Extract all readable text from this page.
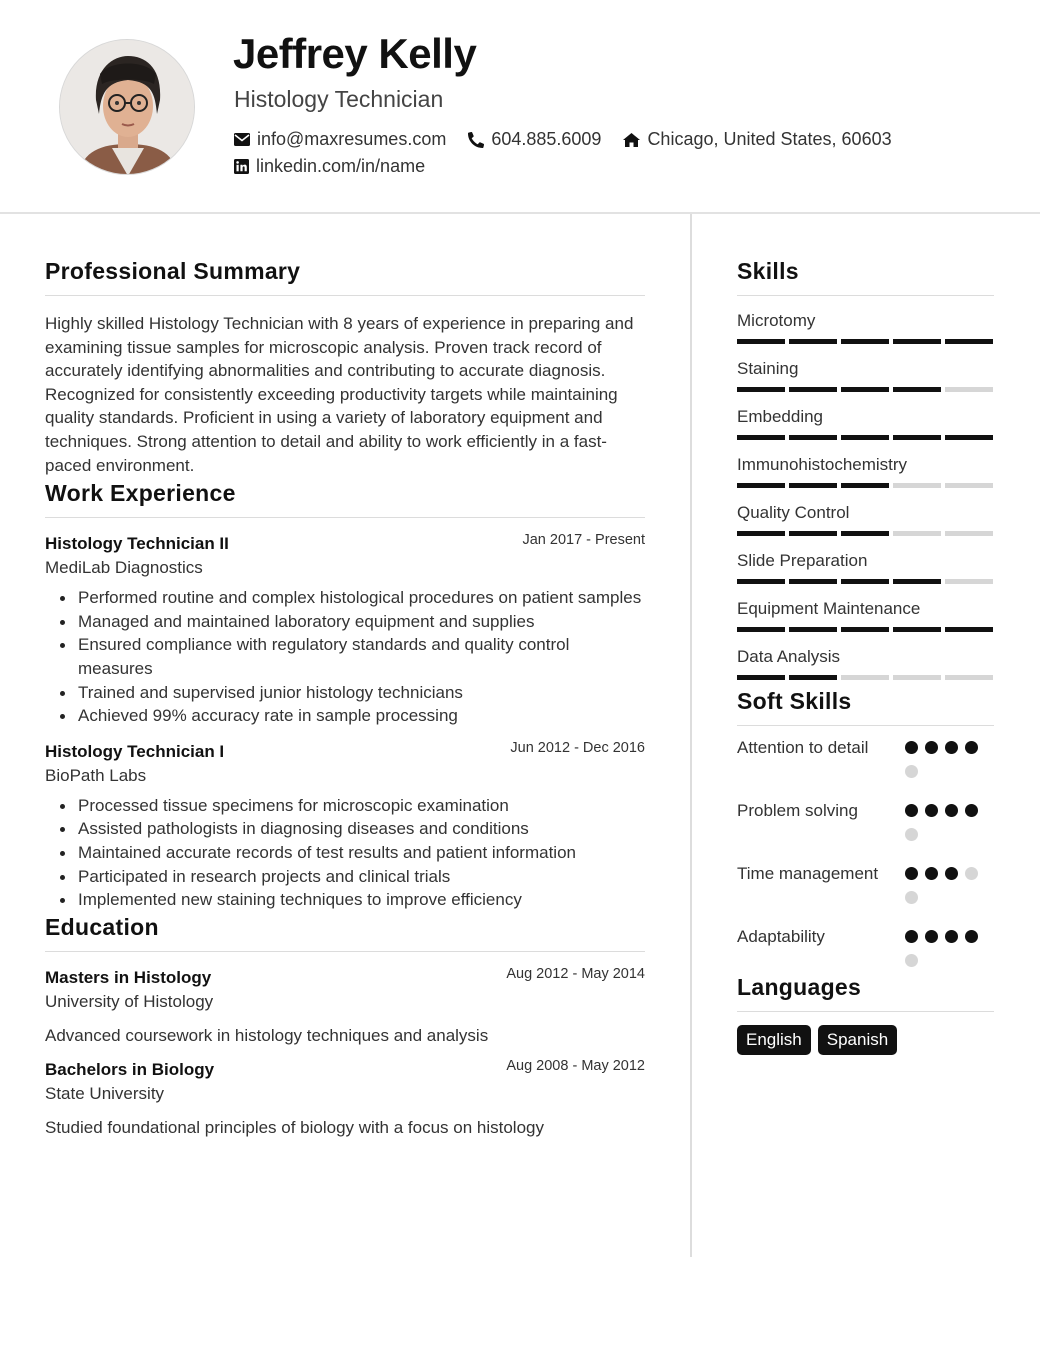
Jeffrey Kelly
Histology Technician
info@maxresumes.com	604.885.6009	Chicago, United States, 60603
linkedin.com/in/name
Professional Summary

Highly skilled Histology Technician with 8 years of experience in preparing and examining tissue samples for microscopic analysis. Proven track record of accurately identifying abnormalities and contributing to accurate diagnosis. Recognized for consistently exceeding productivity targets while maintaining quality standards. Proficient in using a variety of laboratory equipment and techniques. Strong attention to detail and ability to work efficiently in a fast-paced environment.

Work Experience
Histology Technician II	Jan 2017 - Present
MediLab Diagnostics
Performed routine and complex histological procedures on patient samples
Managed and maintained laboratory equipment and supplies
Ensured compliance with regulatory standards and quality control measures
Trained and supervised junior histology technicians
Achieved 99% accuracy rate in sample processing
Histology Technician I	Jun 2012 - Dec 2016
BioPath Labs
Processed tissue specimens for microscopic examination
Assisted pathologists in diagnosing diseases and conditions
Maintained accurate records of test results and patient information
Participated in research projects and clinical trials
Implemented new staining techniques to improve efficiency
Education
Masters in Histology	Aug 2012 - May 2014
University of Histology
Advanced coursework in histology techniques and analysis
Bachelors in Biology	Aug 2008 - May 2012
State University
Studied foundational principles of biology with a focus on histology
Skills
Microtomy
Staining
Embedding
Immunohistochemistry
Quality Control
Slide Preparation
Equipment Maintenance
Data Analysis
Soft Skills
Attention to detail
Problem solving
Time management
Adaptability
Languages
English	Spanish
